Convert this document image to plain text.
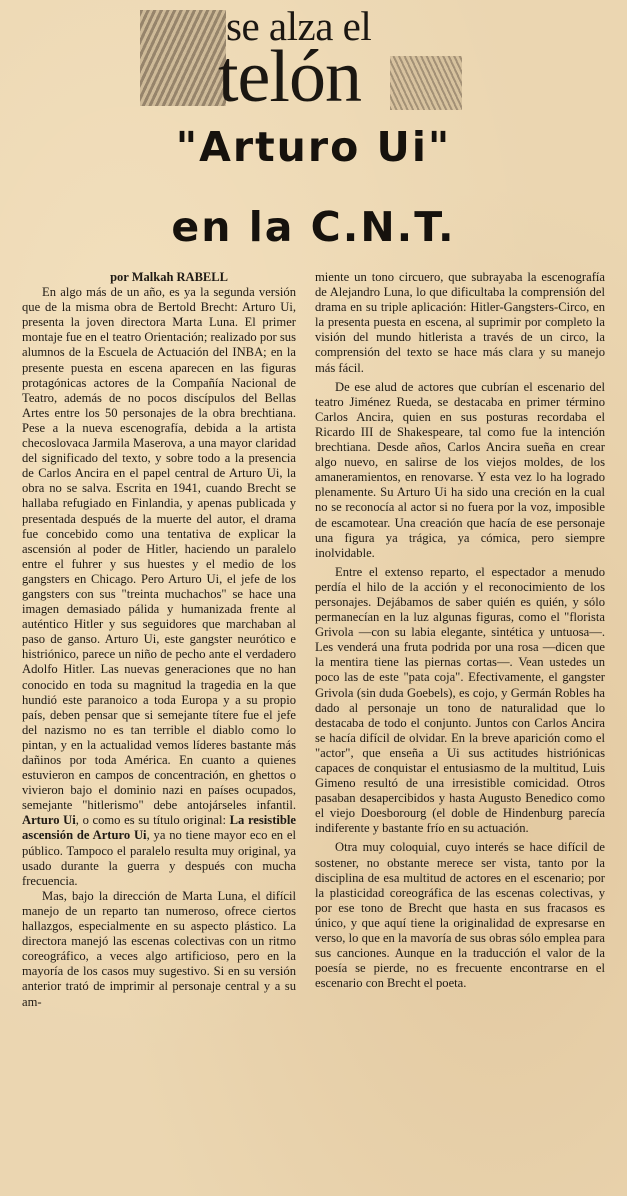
se alza el
telón
"Arturo Ui"
en la C.N.T.

por Malkah RABELL

En algo más de un año, es ya la segunda versión que de la misma obra de Bertold Brecht: Arturo Ui, presenta la joven directora Marta Luna. El primer montaje fue en el teatro Orientación; realizado por sus alumnos de la Escuela de Actuación del INBA; en la presente puesta en escena aparecen en las figuras protagónicas actores de la Compañía Nacional de Teatro, además de no pocos discípulos del Bellas Artes entre los 50 personajes de la obra brechtiana. Pese a la nueva escenografía, debida a la artista checoslovaca Jarmila Maserova, a una mayor claridad del significado del texto, y sobre todo a la presencia de Carlos Ancira en el papel central de Arturo Ui, la obra no se salva. Escrita en 1941, cuando Brecht se hallaba refugiado en Finlandia, y apenas publicada y presentada después de la muerte del autor, el drama fue concebido como una tentativa de explicar la ascensión al poder de Hitler, haciendo un paralelo entre el fuhrer y sus huestes y el medio de los gangsters en Chicago. Pero Arturo Ui, el jefe de los gangsters con sus "treinta muchachos" se hace una imagen demasiado pálida y humanizada frente al auténtico Hitler y sus seguidores que marchaban al paso de ganso. Arturo Ui, este gangster neurótico e histriónico, parece un niño de pecho ante el verdadero Adolfo Hitler. Las nuevas generaciones que no han conocido en toda su magnitud la tragedia en la que hundió este paranoico a toda Europa y a su propio país, deben pensar que si semejante títere fue el jefe del nazismo no es tan terrible el diablo como lo pintan, y en la actualidad vemos líderes bastante más dañinos por toda América. En cuanto a quienes estuvieron en campos de concentración, en ghettos o vivieron bajo el dominio nazi en países ocupados, semejante "hitlerismo" debe antojárseles infantil. Arturo Ui, o como es su título original: La resistible ascensión de Arturo Ui, ya no tiene mayor eco en el público. Tampoco el paralelo resulta muy original, ya usado durante la guerra y después con mucha frecuencia.

Mas, bajo la dirección de Marta Luna, el difícil manejo de un reparto tan numeroso, ofrece ciertos hallazgos, especialmente en su aspecto plástico. La directora manejó las escenas colectivas con un ritmo coreográfico, a veces algo artificioso, pero en la mayoría de los casos muy sugestivo. Si en su versión anterior trató de imprimir al personaje central y a su am-

miente un tono circuero, que subrayaba la escenografía de Alejandro Luna, lo que dificultaba la comprensión del drama en su triple aplicación: Hitler-Gangsters-Circo, en la presenta puesta en escena, al suprimir por completo la visión del mundo hitlerista a través de un circo, la comprensión del texto se hace más clara y su manejo más fácil.

De ese alud de actores que cubrían el escenario del teatro Jiménez Rueda, se destacaba en primer término Carlos Ancira, quien en sus posturas recordaba el Ricardo III de Shakespeare, tal como fue la intención brechtiana. Desde años, Carlos Ancira sueña en crear algo nuevo, en salirse de los viejos moldes, de los amaneramientos, en renovarse. Y esta vez lo ha logrado plenamente. Su Arturo Ui ha sido una creción en la cual no se reconocía al actor si no fuera por la voz, imposible de escamotear. Una creación que hacía de ese personaje una figura ya trágica, ya cómica, pero siempre inolvidable.

Entre el extenso reparto, el espectador a menudo perdía el hilo de la acción y el reconocimiento de los personajes. Dejábamos de saber quién es quién, y sólo permanecían en la luz algunas figuras, como el "florista Grivola —con su labia elegante, sintética y untuosa—. Les venderá una fruta podrida por una rosa —dicen que la mentira tiene las piernas cortas—. Vean ustedes un poco las de este "pata coja". Efectivamente, el gangster Grivola (sin duda Goebels), es cojo, y Germán Robles ha dado al personaje un tono de naturalidad que lo destacaba de todo el conjunto. Juntos con Carlos Ancira se hacía difícil de olvidar. En la breve aparición como el "actor", que enseña a Ui sus actitudes histriónicas capaces de conquistar el entusiasmo de la multitud, Luis Gimeno resultó de una irresistible comicidad. Otros pasaban desapercibidos y hasta Augusto Benedico como el viejo Doesborourg (el doble de Hindenburg parecía indiferente y bastante frío en su actuación.

Otra muy coloquial, cuyo interés se hace difícil de sostener, no obstante merece ser vista, tanto por la disciplina de esa multitud de actores en el escenario; por la plasticidad coreográfica de las escenas colectivas, y por ese tono de Brecht que hasta en sus fracasos es único, y que aquí tiene la originalidad de expresarse en verso, lo que en la mavoría de sus obras sólo emplea para sus canciones. Aunque en la traducción el valor de la poesía se pierde, no es frecuente encontrarse en el escenario con Brecht el poeta.
